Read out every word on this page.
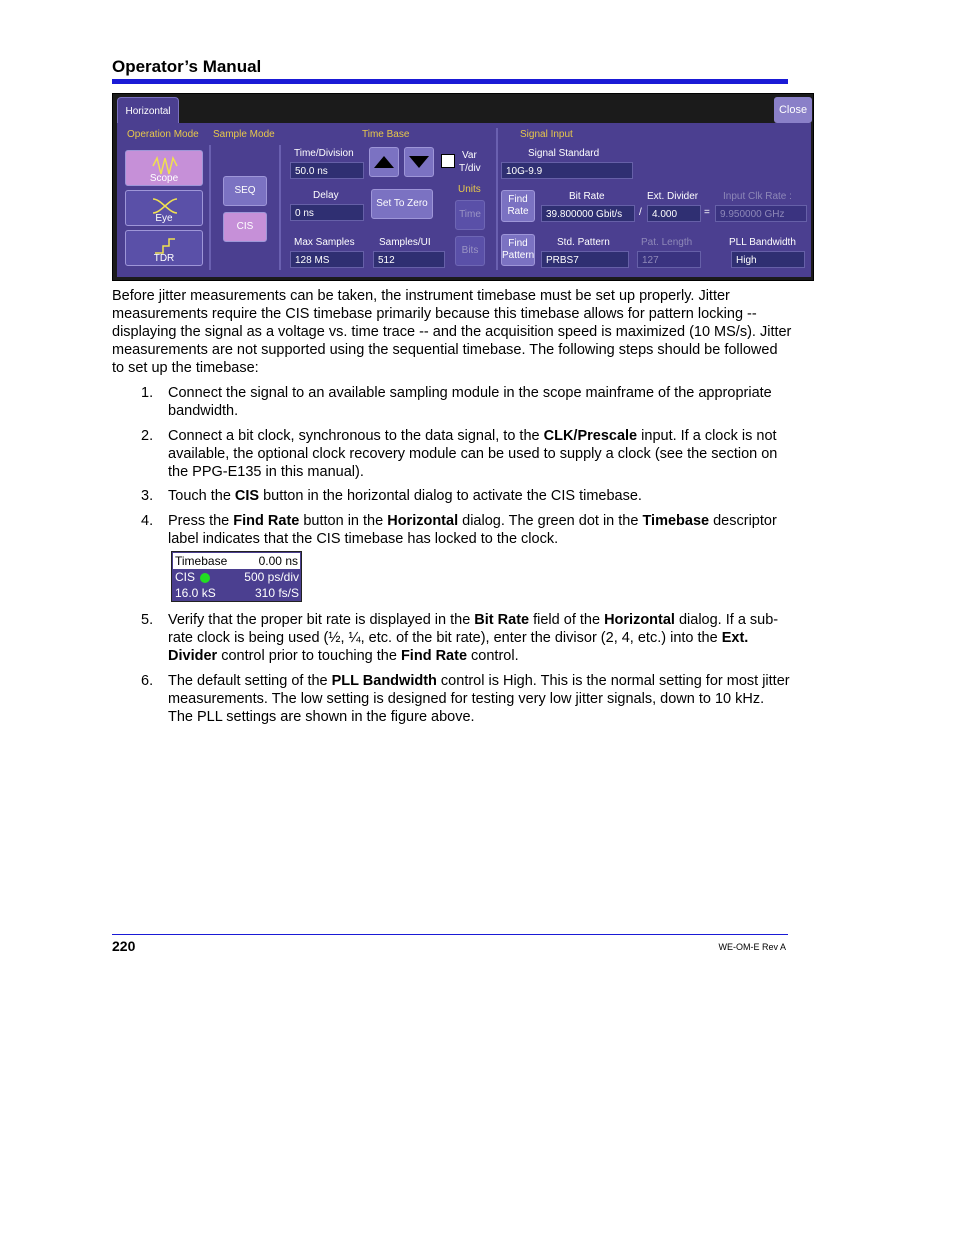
Operator’s Manual
Horizontal	Close
Operation Mode Sample Mode	Time Base	Signal Input
Scope
Eye
TDR
SEQ
CIS
Time/Division
50.0 ns
Delay
0 ns
Max Samples
128 MS
Samples/UI
512
Var
T/div
Set To Zero
Units
Time
Bits
Signal Standard
10G-9.9
Find
Rate
Bit Rate
39.800000 Gbit/s	/
Ext. Divider
4.000	=
Input Clk Rate :
9.950000 GHz
Find
Pattern
Std. Pattern
PRBS7
Pat. Length
127
PLL Bandwidth
High
Before jitter measurements can be taken, the instrument timebase must be set up properly. Jitter measurements require the CIS timebase primarily because this timebase allows for pattern locking -- displaying the signal as a voltage vs. time trace -- and the acquisition speed is maximized (10 MS/s). Jitter measurements are not supported using the sequential timebase. The following steps should be followed to set up the timebase:
1. Connect the signal to an available sampling module in the scope mainframe of the appropriate bandwidth.
2. Connect a bit clock, synchronous to the data signal, to the CLK/Prescale input. If a clock is not available, the optional clock recovery module can be used to supply a clock (see the section on the PPG-E135 in this manual).
3. Touch the CIS button in the horizontal dialog to activate the CIS timebase.
4. Press the Find Rate button in the Horizontal dialog. The green dot in the Timebase descriptor label indicates that the CIS timebase has locked to the clock.
Timebase	0.00 ns
CIS	500 ps/div
16.0 kS	310 fs/S
5. Verify that the proper bit rate is displayed in the Bit Rate field of the Horizontal dialog. If a sub-rate clock is being used (½, ¼, etc. of the bit rate), enter the divisor (2, 4, etc.) into the Ext. Divider control prior to touching the Find Rate control.
6. The default setting of the PLL Bandwidth control is High. This is the normal setting for most jitter measurements. The low setting is designed for testing very low jitter signals, down to 10 kHz. The PLL settings are shown in the figure above.
220	WE-OM-E Rev A
